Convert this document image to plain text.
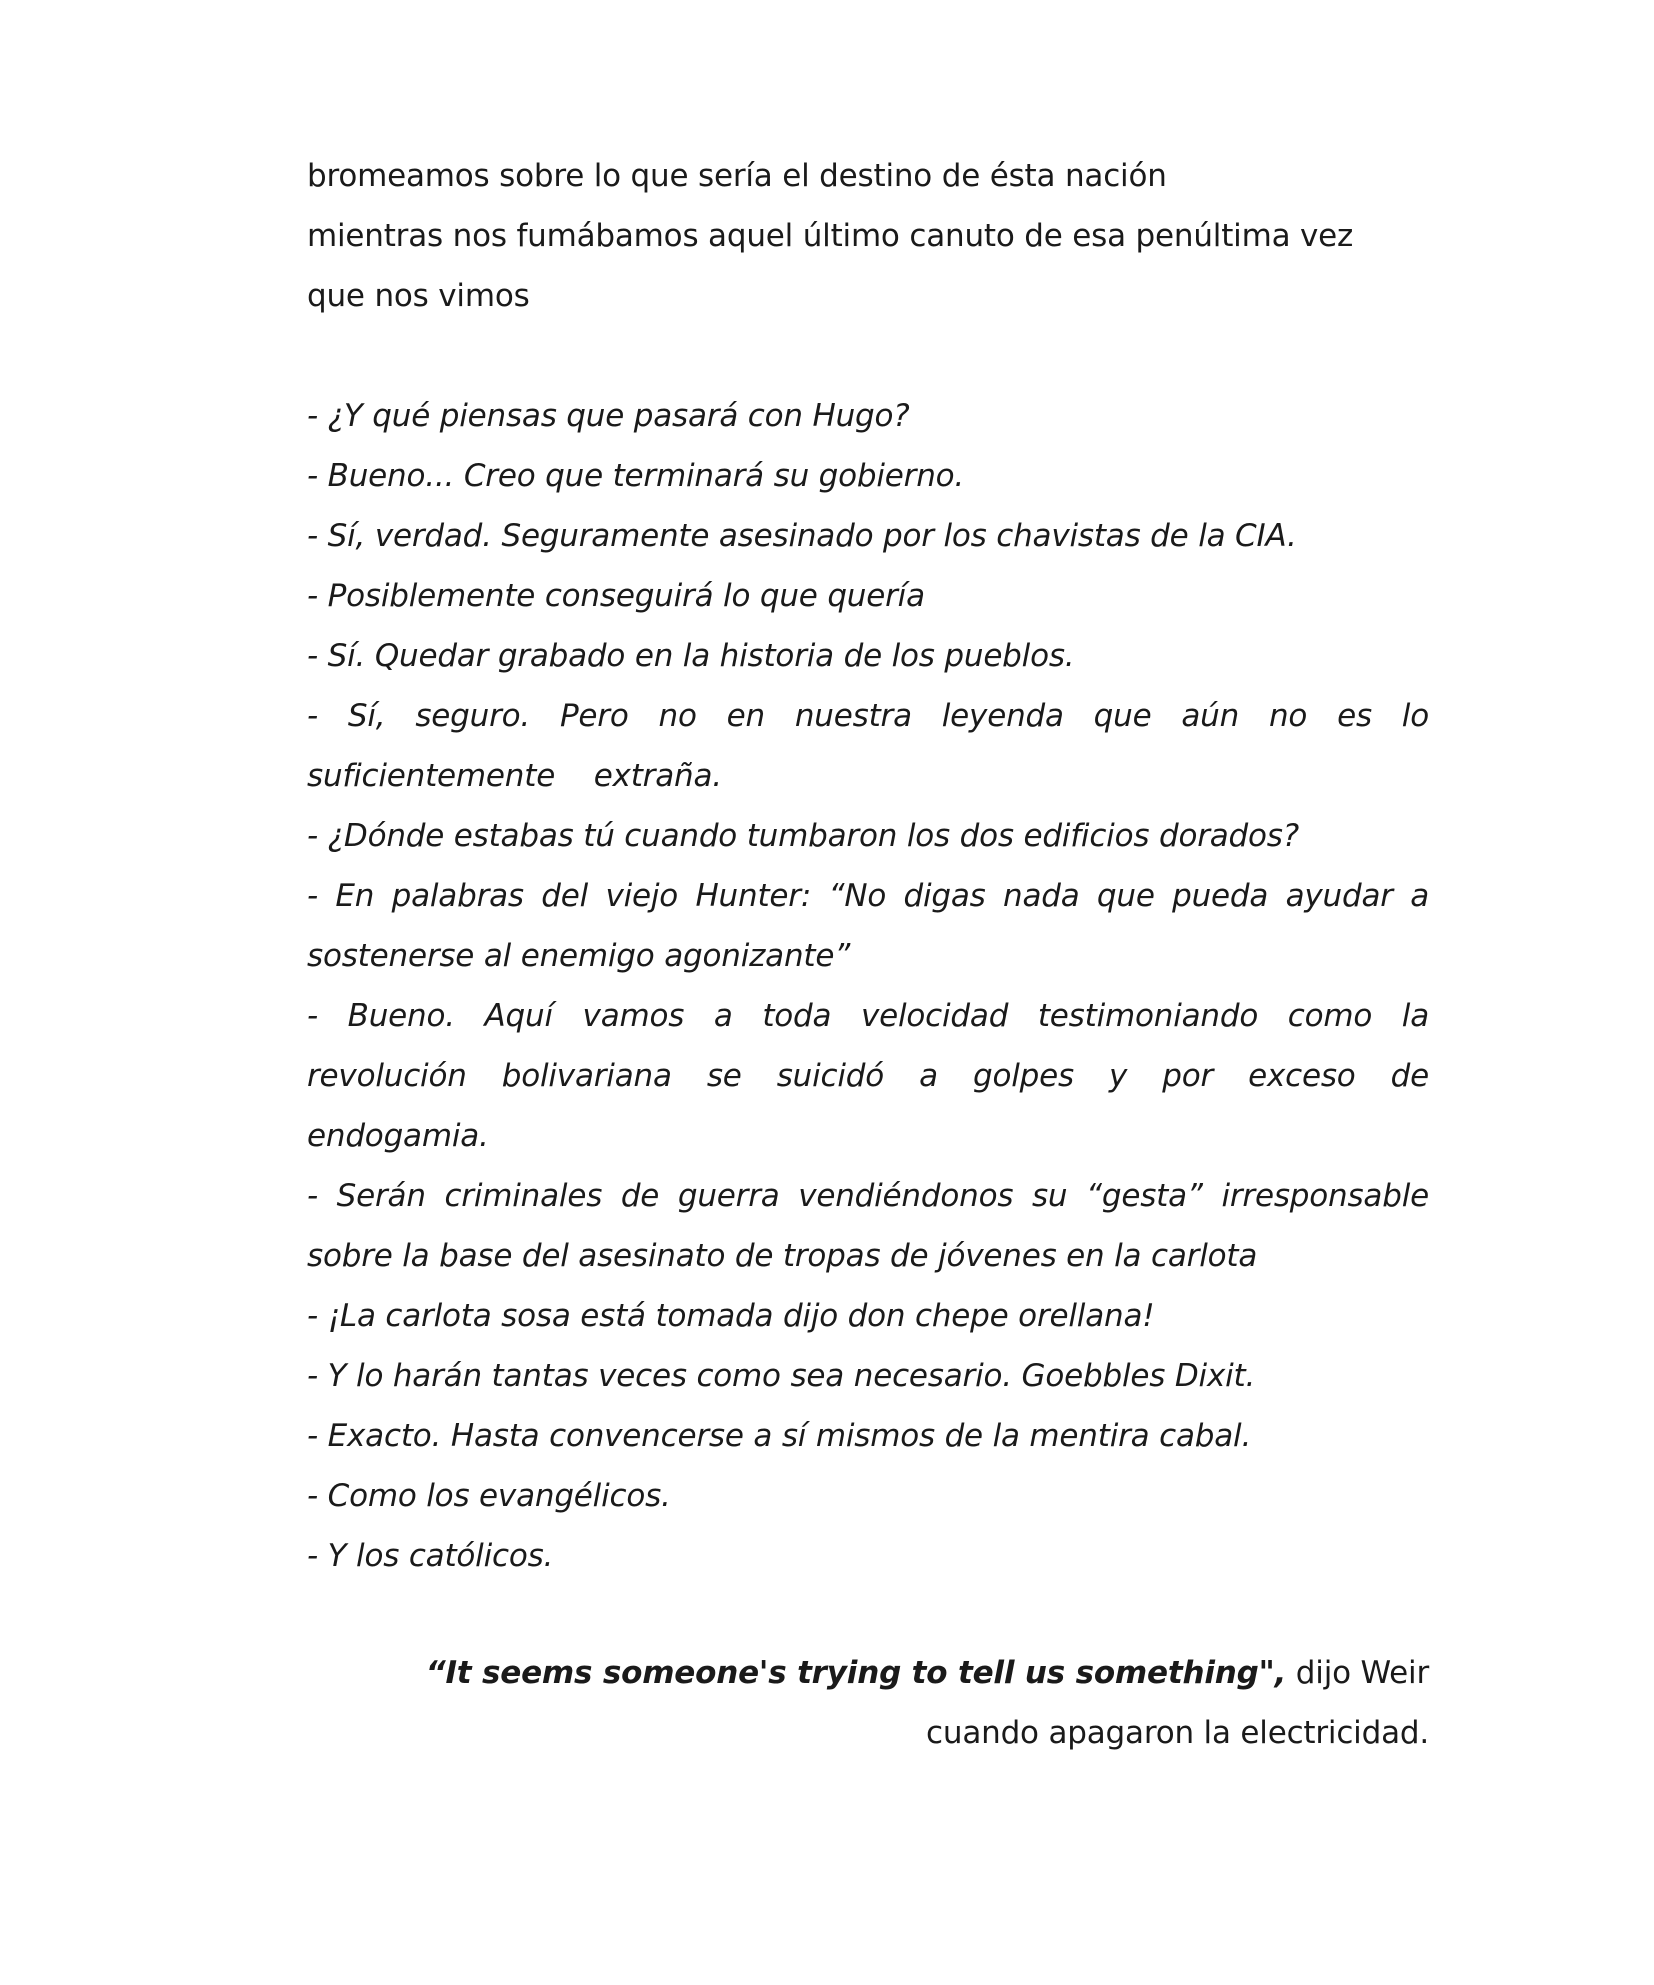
bromeamos sobre lo que sería el destino de ésta nación
mientras nos fumábamos aquel último canuto de esa penúltima vez
que nos vimos
- ¿Y qué piensas que pasará con Hugo?
- Bueno... Creo que terminará su gobierno.
- Sí, verdad. Seguramente asesinado por los chavistas de la CIA.
- Posiblemente conseguirá lo que quería
- Sí. Quedar grabado en la historia de los pueblos.
- Sí, seguro. Pero no en nuestra leyenda que aún no es lo
suficientemente    extraña.
- ¿Dónde estabas tú cuando tumbaron los dos edificios dorados?
- En palabras del viejo Hunter: “No digas nada que pueda ayudar a
sostenerse al enemigo agonizante”
- Bueno. Aquí vamos a toda velocidad testimoniando como la
revolución bolivariana se suicidó a golpes y por exceso de
endogamia.
- Serán criminales de guerra vendiéndonos su “gesta” irresponsable
sobre la base del asesinato de tropas de jóvenes en la carlota
- ¡La carlota sosa está tomada dijo don chepe orellana!
- Y lo harán tantas veces como sea necesario. Goebbles Dixit.
- Exacto. Hasta convencerse a sí mismos de la mentira cabal.
- Como los evangélicos.
- Y los católicos.
“It seems someone's trying to tell us something", dijo Weir
cuando apagaron la electricidad.
